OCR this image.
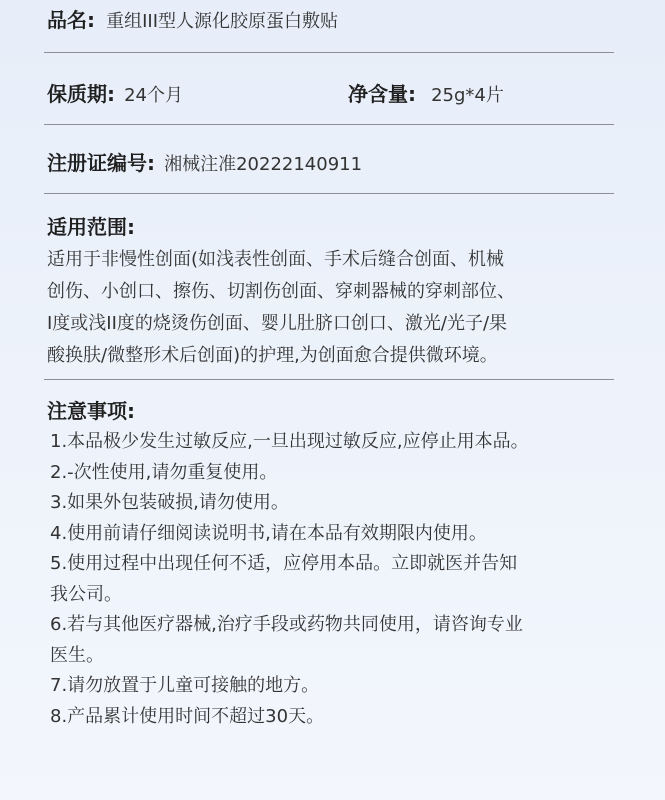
品名: 重组III型人源化胶原蛋白敷贴
保质期: 24个月	净含量: 25g*4片
注册证编号: 湘械注准20222140911
适用范围:
适用于非慢性创面(如浅表性创面、手术后缝合创面、机械
创伤、小创口、擦伤、切割伤创面、穿刺器械的穿刺部位、
I度或浅II度的烧烫伤创面、婴儿肚脐口创口、激光/光子/果
酸换肤/微整形术后创面)的护理,为创面愈合提供微环境。
注意事项:
1.本品极少发生过敏反应,一旦出现过敏反应,应停止用本品。
2.-次性使用,请勿重复使用。
3.如果外包装破损,请勿使用。
4.使用前请仔细阅读说明书,请在本品有效期限内使用。
5.使用过程中出现任何不适，应停用本品。立即就医并告知
我公司。
6.若与其他医疗器械,治疗手段或药物共同使用，请咨询专业
医生。
7.请勿放置于儿童可接触的地方。
8.产品累计使用时间不超过30天。
